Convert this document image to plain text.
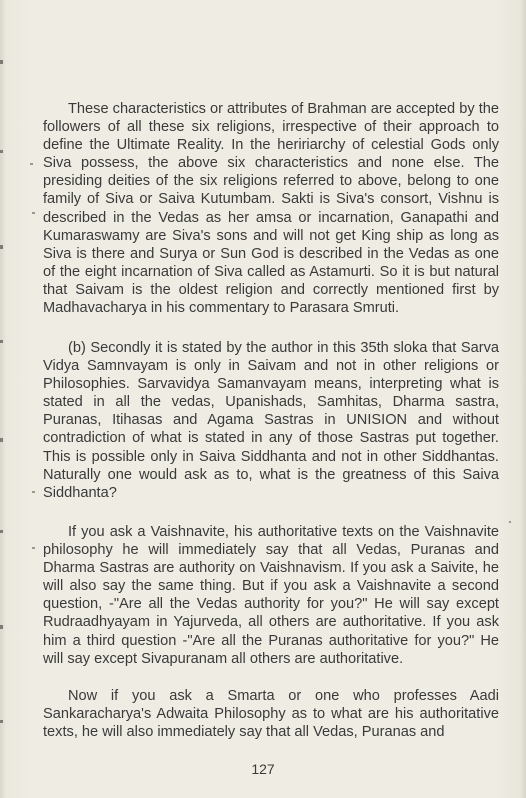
These characteristics or attributes of Brahman are accepted by the followers of all these six religions, irrespective of their approach to define the Ultimate Reality. In the heririarchy of celestial Gods only Siva possess, the above six characteristics and none else. The presiding deities of the six religions referred to above, belong to one family of Siva or Saiva Kutumbam. Sakti is Siva's consort, Vishnu is described in the Vedas as her amsa or incarnation, Ganapathi and Kumaraswamy are Siva's sons and will not get King ship as long as Siva is there and Surya or Sun God is described in the Vedas as one of the eight incarnation of Siva called as Astamurti. So it is but natural that Saivam is the oldest religion and correctly mentioned first by Madhavacharya in his commentary to Parasara Smruti.

(b) Secondly it is stated by the author in this 35th sloka that Sarva Vidya Samnvayam is only in Saivam and not in other religions or Philosophies. Sarvavidya Samanvayam means, interpreting what is stated in all the vedas, Upanishads, Samhitas, Dharma sastra, Puranas, Itihasas and Agama Sastras in UNISION and without contradiction of what is stated in any of those Sastras put together. This is possible only in Saiva Siddhanta and not in other Siddhantas. Naturally one would ask as to, what is the greatness of this Saiva Siddhanta?

If you ask a Vaishnavite, his authoritative texts on the Vaishnavite philosophy he will immediately say that all Vedas, Puranas and Dharma Sastras are authority on Vaishnavism. If you ask a Saivite, he will also say the same thing. But if you ask a Vaishnavite a second question, -"Are all the Vedas authority for you?" He will say except Rudraadhyayam in Yajurveda, all others are authoritative. If you ask him a third question -"Are all the Puranas authoritative for you?" He will say except Sivapuranam all others are authoritative.

Now if you ask a Smarta or one who professes Aadi Sankaracharya's Adwaita Philosophy as to what are his authoritative texts, he will also immediately say that all Vedas, Puranas and

127
